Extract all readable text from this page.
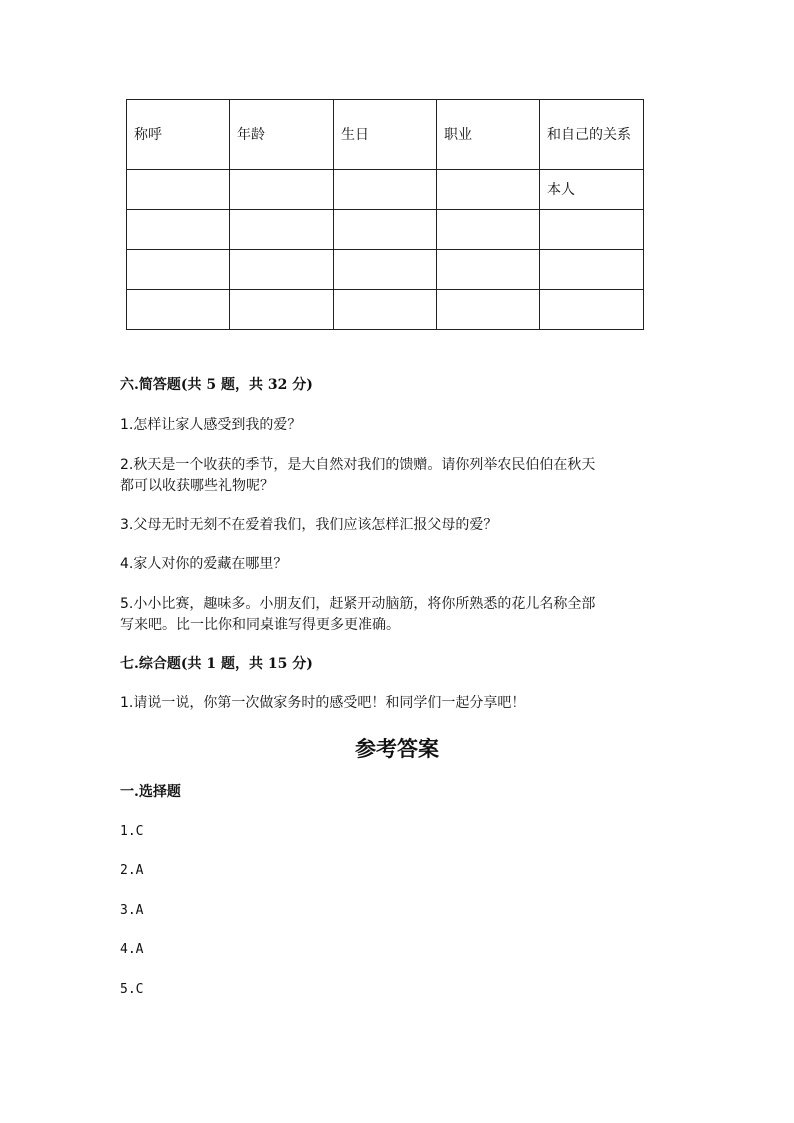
称呼	年龄	生日	职业	和自己的关系
				本人

六.简答题(共 5 题，共 32 分)

1.怎样让家人感受到我的爱？

2.秋天是一个收获的季节，是大自然对我们的馈赠。请你列举农民伯伯在秋天

都可以收获哪些礼物呢？

3.父母无时无刻不在爱着我们，我们应该怎样汇报父母的爱？

4.家人对你的爱藏在哪里？

5.小小比赛，趣味多。小朋友们，赶紧开动脑筋，将你所熟悉的花儿名称全部

写来吧。比一比你和同桌谁写得更多更准确。

七.综合题(共 1 题，共 15 分)

1.请说一说，你第一次做家务时的感受吧！和同学们一起分享吧！

参考答案

一.选择题

1.C

2.A

3.A

4.A

5.C
